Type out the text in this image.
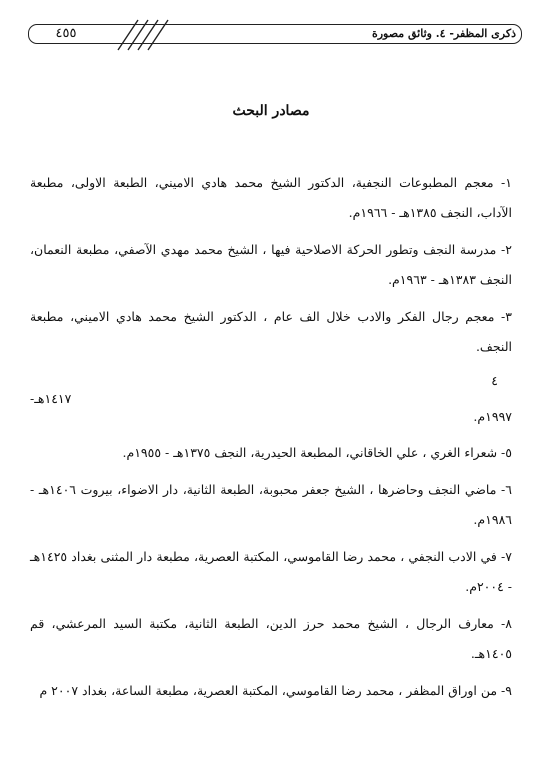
٤٥٥	ذكرى المظفر- ٤. وثائق مصورة
مصادر البحث

١- معجم المطبوعات النجفية، الدكتور الشيخ محمد هادي الاميني، الطبعة الاولى، مطبعة الآداب، النجف ١٣٨٥هـ - ١٩٦٦م.

٢- مدرسة النجف وتطور الحركة الاصلاحية فيها ، الشيخ محمد مهدي الآصفي، مطبعة النعمان، النجف ١٣٨٣هـ - ١٩٦٣م.

٣- معجم رجال الفكر والادب خلال الف عام ، الدكتور الشيخ محمد هادي الاميني، مطبعة النجف.

٤
١٤١٧هـ-
١٩٩٧م.

٥- شعراء الغري ، علي الخاقاني، المطبعة الحيدرية، النجف ١٣٧٥هـ - ١٩٥٥م.

٦- ماضي النجف وحاضرها ، الشيخ جعفر محبوبة، الطبعة الثانية، دار الاضواء، بيروت ١٤٠٦هـ - ١٩٨٦م.

٧- في الادب النجفي ، محمد رضا القاموسي، المكتبة العصرية، مطبعة دار المثنى بغداد ١٤٢٥هـ - ٢٠٠٤م.

٨- معارف الرجال ، الشيخ محمد حرز الدين، الطبعة الثانية، مكتبة السيد المرعشي، قم ١٤٠٥هـ.

٩- من اوراق المظفر ، محمد رضا القاموسي، المكتبة العصرية، مطبعة الساعة، بغداد ٢٠٠٧ م
